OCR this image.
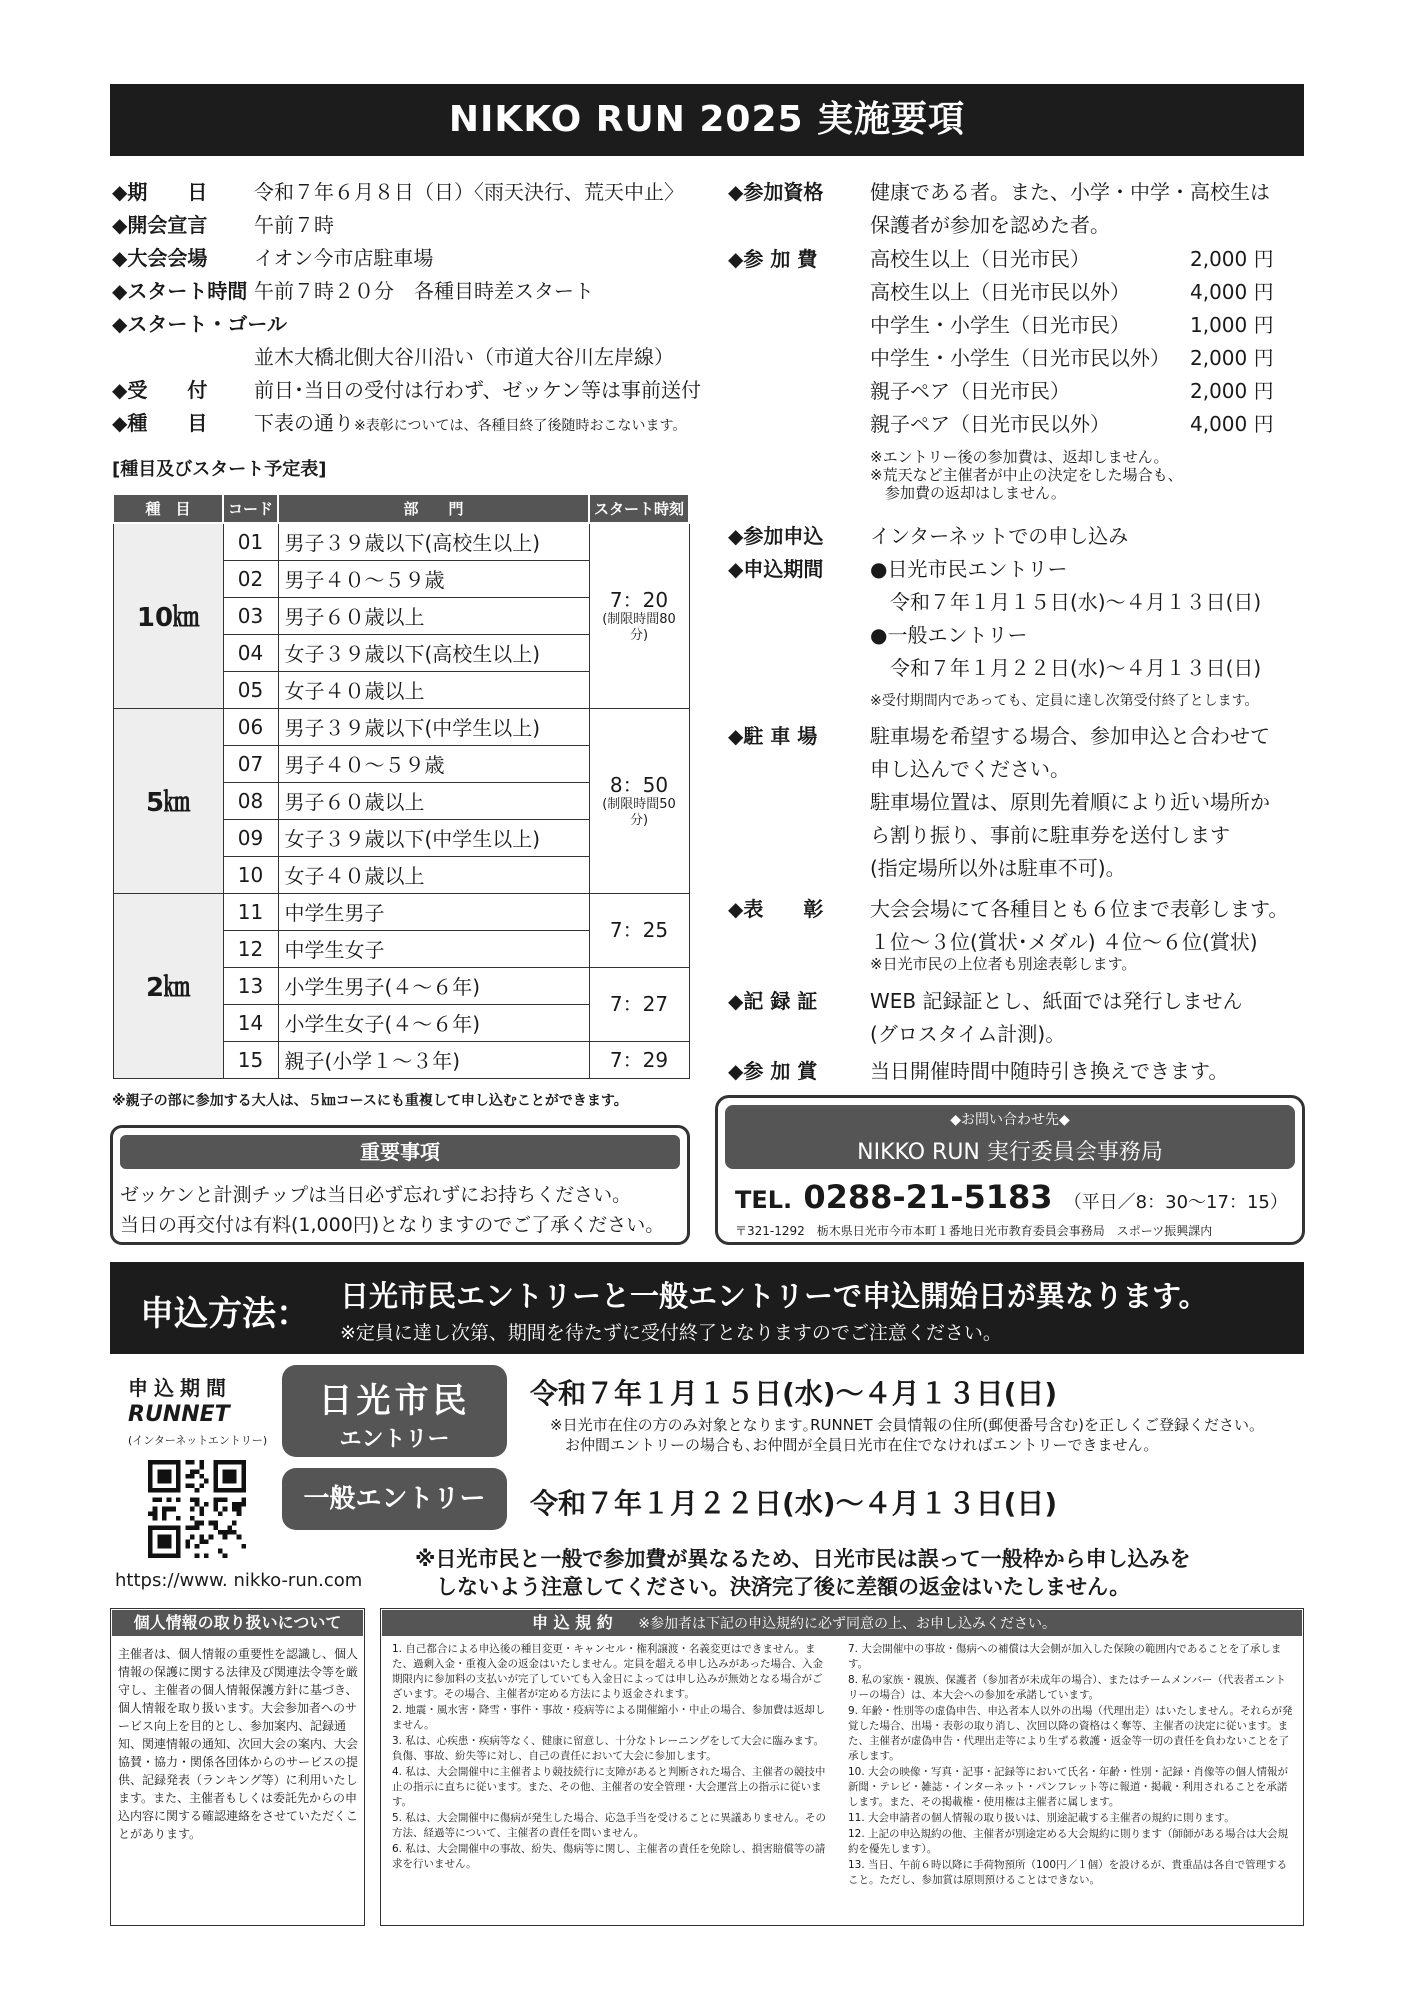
NIKKO RUN 2025 実施要項
◆期　　日 令和７年６月８日（日）〈雨天決行、荒天中止〉
◆開会宣言 午前７時
◆大会会場 イオン今市店駐車場
◆スタート時間 午前７時２０分　各種目時差スタート
◆スタート・ゴール
並木大橋北側大谷川沿い（市道大谷川左岸線）
◆受　　付 前日･当日の受付は行わず、ゼッケン等は事前送付
◆種　　目 下表の通り※表彰については、各種目終了後随時おこないます。
[種目及びスタート予定表]
種　目	コード	部　　門	スタート時刻
10㎞	01	男子３９歳以下(高校生以上)	7：20
(制限時間80分)

	02	男子４０～５９歳	
	03	男子６０歳以上	
	04	女子３９歳以下(高校生以上)	
	05	女子４０歳以上	
5㎞	06	男子３９歳以下(中学生以上)	8：50
(制限時間50分)

	07	男子４０～５９歳	
	08	男子６０歳以上	
	09	女子３９歳以下(中学生以上)	
	10	女子４０歳以上	
2㎞	11	中学生男子	7：25
	12	中学生女子	
	13	小学生男子(４～６年)	7：27
	14	小学生女子(４～６年)	
	15	親子(小学１～３年)	7：29
※親子の部に参加する大人は、５㎞コースにも重複して申し込むことができます。
重要事項
ゼッケンと計測チップは当日必ず忘れずにお持ちください。
当日の再交付は有料(1,000円)となりますのでご了承ください。
◆参加資格 健康である者。また、小学・中学・高校生は
保護者が参加を認めた者。
◆参 加 費	高校生以上（日光市民）	2,000 円
高校生以上（日光市民以外）	4,000 円
中学生・小学生（日光市民）	1,000 円
中学生・小学生（日光市民以外） 2,000 円
親子ペア（日光市民）	2,000 円
親子ペア（日光市民以外）	4,000 円
※エントリー後の参加費は、返却しません。
※荒天など主催者が中止の決定をした場合も、
　参加費の返却はしません。
◆参加申込 インターネットでの申し込み
◆申込期間 ●日光市民エントリー
　令和７年１月１５日(水)～４月１３日(日)
●一般エントリー
　令和７年１月２２日(水)～４月１３日(日)
※受付期間内であっても、定員に達し次第受付終了とします。
◆駐 車 場	駐車場を希望する場合、参加申込と合わせて
申し込んでください。
駐車場位置は、原則先着順により近い場所か
ら割り振り、事前に駐車券を送付します
(指定場所以外は駐車不可)。
◆表　　彰 大会会場にて各種目とも６位まで表彰します。
１位～３位(賞状･メダル) ４位～６位(賞状)
※日光市民の上位者も別途表彰します。
◆記 録 証	WEB 記録証とし、紙面では発行しません
(グロスタイム計測)。
◆参 加 賞	当日開催時間中随時引き換えできます。
◆お問い合わせ先◆
NIKKO RUN 実行委員会事務局
TEL. 0288-21-5183 （平日／8：30～17：15）
〒321-1292　栃木県日光市今市本町１番地日光市教育委員会事務局　スポーツ振興課内
申込方法： 日光市民エントリーと一般エントリーで申込開始日が異なります。
※定員に達し次第、期間を待たずに受付終了となりますのでご注意ください。
申込期間
RUNNET
(インターネットエントリー)
https://www. nikko-run.com
日光市民
エントリー
一般エントリー
令和７年１月１５日(水)～４月１３日(日)
※日光市在住の方のみ対象となります｡RUNNET 会員情報の住所(郵便番号含む)を正しくご登録ください。
　お仲間エントリーの場合も､お仲間が全員日光市在住でなければエントリーできません。
令和７年１月２２日(水)～４月１３日(日)
※日光市民と一般で参加費が異なるため、日光市民は誤って一般枠から申し込みを
　しないよう注意してください。決済完了後に差額の返金はいたしません。
個人情報の取り扱いについて
主催者は、個人情報の重要性を認識し、個人情報の保護に関する法律及び関連法令等を厳守し、主催者の個人情報保護方針に基づき、個人情報を取り扱います。大会参加者へのサービス向上を目的とし、参加案内、記録通知、関連情報の通知、次回大会の案内、大会協賛・協力・関係各団体からのサービスの提供、記録発表（ランキング等）に利用いたします。また、主催者もしくは委託先からの申込内容に関する確認連絡をさせていただくことがあります。
申 込 規 約 ※参加者は下記の申込規約に必ず同意の上、お申し込みください。
1. 自己都合による申込後の種目変更・キャンセル・権利譲渡・名義変更はできません。また、過剰入金・重複入金の返金はいたしません。定員を超える申し込みがあった場合、入金期限内に参加料の支払いが完了していても入金日によっては申し込みが無効となる場合がございます。その場合、主催者が定める方法により返金されます。
2. 地震・風水害・降雪・事件・事故・疫病等による開催縮小・中止の場合、参加費は返却しません。
3. 私は、心疾患・疾病等なく、健康に留意し、十分なトレーニングをして大会に臨みます。負傷、事故、紛失等に対し、自己の責任において大会に参加します。
4. 私は、大会開催中に主催者より競技続行に支障があると判断された場合、主催者の競技中止の指示に直ちに従います。また、その他、主催者の安全管理・大会運営上の指示に従います。
5. 私は、大会開催中に傷病が発生した場合、応急手当を受けることに異議ありません。その方法、経過等について、主催者の責任を問いません。
6. 私は、大会開催中の事故、紛失、傷病等に関し、主催者の責任を免除し、損害賠償等の請求を行いません。
7. 大会開催中の事故・傷病への補償は大会側が加入した保険の範囲内であることを了承します。
8. 私の家族・親族、保護者（参加者が未成年の場合）、またはチームメンバー（代表者エントリーの場合）は、本大会への参加を承諾しています。
9. 年齢・性別等の虚偽申告、申込者本人以外の出場（代理出走）はいたしません。それらが発覚した場合、出場・表彰の取り消し、次回以降の資格はく奪等、主催者の決定に従います。また、主催者が虚偽申告・代理出走等により生ずる救護・返金等一切の責任を負わないことを了承します。
10. 大会の映像・写真・記事・記録等において氏名・年齢・性別・記録・肖像等の個人情報が新聞・テレビ・雑誌・インターネット・パンフレット等に報道・掲載・利用されることを承諾します。また、その掲載権・使用権は主催者に属します。
11. 大会申請者の個人情報の取り扱いは、別途記載する主催者の規約に則ります。
12. 上記の申込規約の他、主催者が別途定める大会規約に則ります（師師がある場合は大会規約を優先します）。
13. 当日、午前６時以降に手荷物預所（100円／１個）を設けるが、貴重品は各自で管理すること。ただし、参加賞は原則預けることはできない。
